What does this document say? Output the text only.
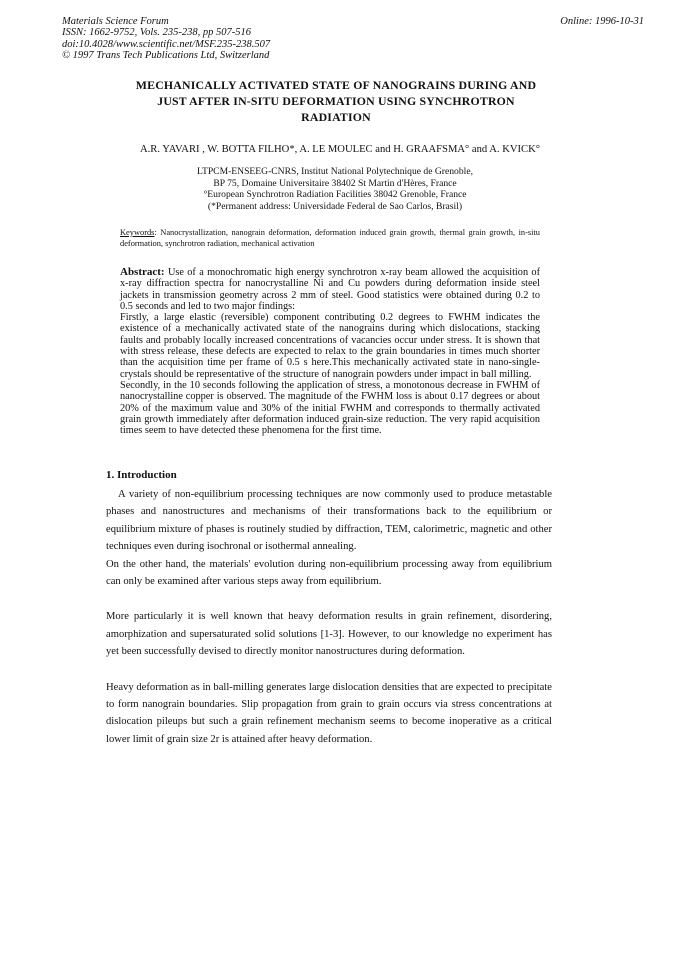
Materials Science Forum
ISSN: 1662-9752, Vols. 235-238, pp 507-516
doi:10.4028/www.scientific.net/MSF.235-238.507
© 1997 Trans Tech Publications Ltd, Switzerland
Online: 1996-10-31
MECHANICALLY ACTIVATED STATE OF NANOGRAINS DURING AND
JUST AFTER IN-SITU DEFORMATION USING SYNCHROTRON
RADIATION
A.R. YAVARI , W. BOTTA FILHO*, A. LE MOULEC and H. GRAAFSMA° and A. KVICK°
LTPCM-ENSEEG-CNRS, Institut National Polytechnique de Grenoble,
BP 75, Domaine Universitaire 38402 St Martin d'Hères, France
°European Synchrotron Radiation Facilities 38042 Grenoble, France
(*Permanent address: Universidade Federal de Sao Carlos, Brasil)
Keywords: Nanocrystallization, nanograin deformation, deformation induced grain growth, thermal grain growth, in-situ deformation, synchrotron radiation, mechanical activation

Abstract: Use of a monochromatic high energy synchrotron x-ray beam allowed the acquisition of x-ray diffraction spectra for nanocrystalline Ni and Cu powders during deformation inside steel jackets in transmission geometry across 2 mm of steel. Good statistics were obtained during 0.2 to 0.5 seconds and led to two major findings:

Firstly, a large elastic (reversible) component contributing 0.2 degrees to FWHM indicates the existence of a mechanically activated state of the nanograins during which dislocations, stacking faults and probably locally increased concentrations of vacancies occur under stress. It is shown that with stress release, these defects are expected to relax to the grain boundaries in times much shorter than the acquisition time per frame of 0.5 s here.This mechanically activated state in nano-single-crystals should be representative of the structure of nanograin powders under impact in ball milling.

Secondly, in the 10 seconds following the application of stress, a monotonous decrease in FWHM of nanocrystalline copper is observed. The magnitude of the FWHM loss is about 0.17 degrees or about 20% of the maximum value and 30% of the initial FWHM and corresponds to thermally activated grain growth immediately after deformation induced grain-size reduction. The very rapid acquisition times seem to have detected these phenomena for the first time.

1. Introduction

A variety of non-equilibrium processing techniques are now commonly used to produce metastable phases and nanostructures and mechanisms of their transformations back to the equilibrium or equilibrium mixture of phases is routinely studied by diffraction, TEM, calorimetric, magnetic and other techniques even during isochronal or isothermal annealing.

On the other hand, the materials' evolution during non-equilibrium processing away from equilibrium can only be examined after various steps away from equilibrium.

More particularly it is well known that heavy deformation results in grain refinement, disordering, amorphization and supersaturated solid solutions [1-3]. However, to our knowledge no experiment has yet been successfully devised to directly monitor nanostructures during deformation.

Heavy deformation as in ball-milling generates large dislocation densities that are expected to precipitate to form nanograin boundaries. Slip propagation from grain to grain occurs via stress concentrations at dislocation pileups but such a grain refinement mechanism seems to become inoperative as a critical lower limit of grain size 2r is attained after heavy deformation.
